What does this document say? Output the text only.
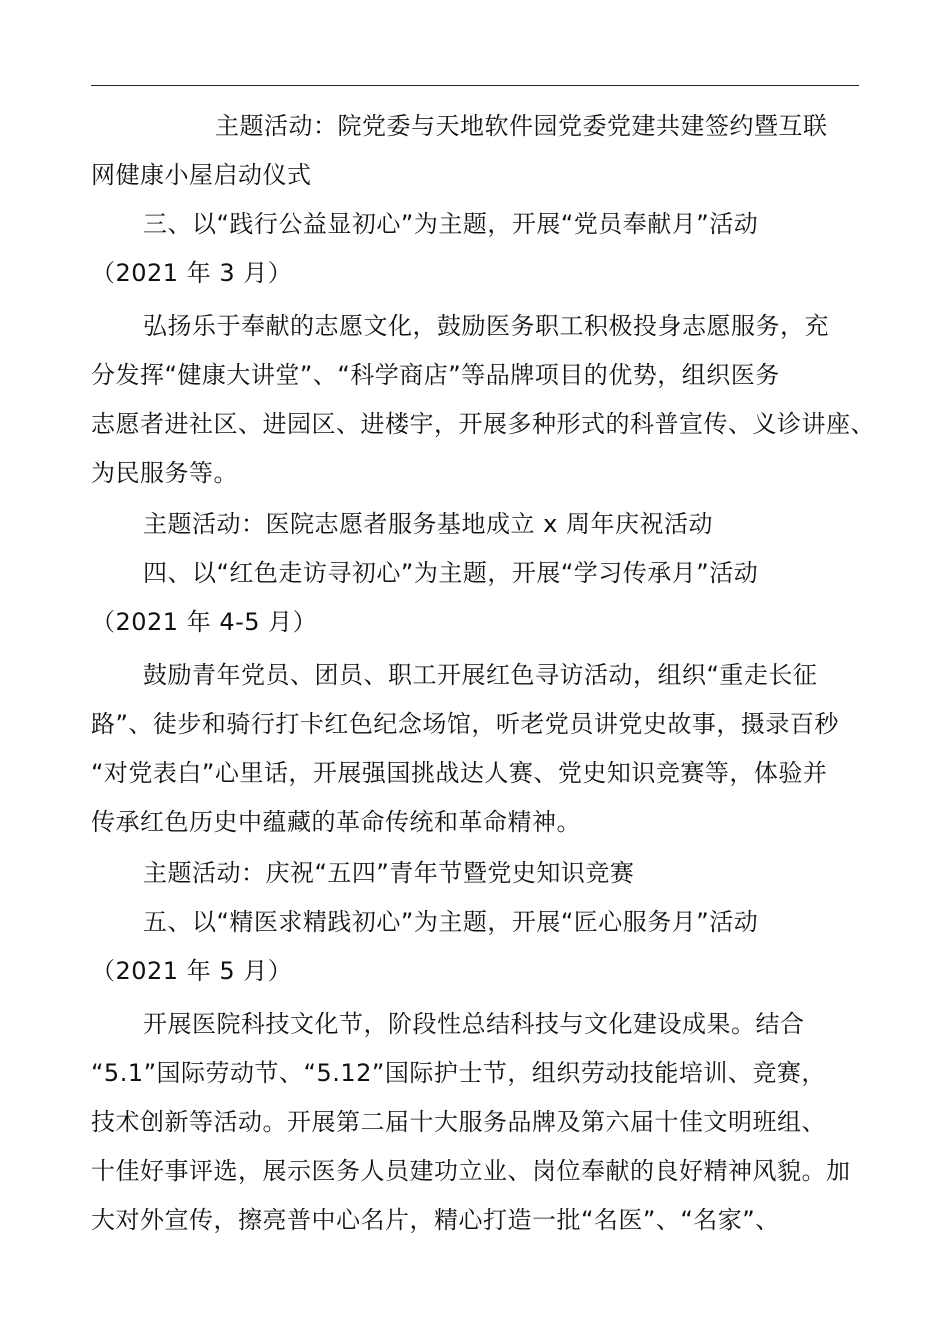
主题活动：院党委与天地软件园党委党建共建签约暨互联
网健康小屋启动仪式
三、以“践行公益显初心”为主题，开展“党员奉献月”活动
（2021 年 3 月）
弘扬乐于奉献的志愿文化，鼓励医务职工积极投身志愿服务，充
分发挥“健康大讲堂”、“科学商店”等品牌项目的优势，组织医务
志愿者进社区、进园区、进楼宇，开展多种形式的科普宣传、义诊讲座、
为民服务等。
主题活动：医院志愿者服务基地成立 x 周年庆祝活动
四、以“红色走访寻初心”为主题，开展“学习传承月”活动
（2021 年 4-5 月）
鼓励青年党员、团员、职工开展红色寻访活动，组织“重走长征
路”、徒步和骑行打卡红色纪念场馆，听老党员讲党史故事，摄录百秒
“对党表白”心里话，开展强国挑战达人赛、党史知识竞赛等，体验并
传承红色历史中蕴藏的革命传统和革命精神。
主题活动：庆祝“五四”青年节暨党史知识竞赛
五、以“精医求精践初心”为主题，开展“匠心服务月”活动
（2021 年 5 月）
开展医院科技文化节，阶段性总结科技与文化建设成果。结合
“5.1”国际劳动节、“5.12”国际护士节，组织劳动技能培训、竞赛，
技术创新等活动。开展第二届十大服务品牌及第六届十佳文明班组、
十佳好事评选，展示医务人员建功立业、岗位奉献的良好精神风貌。加
大对外宣传，擦亮普中心名片，精心打造一批“名医”、“名家”、
